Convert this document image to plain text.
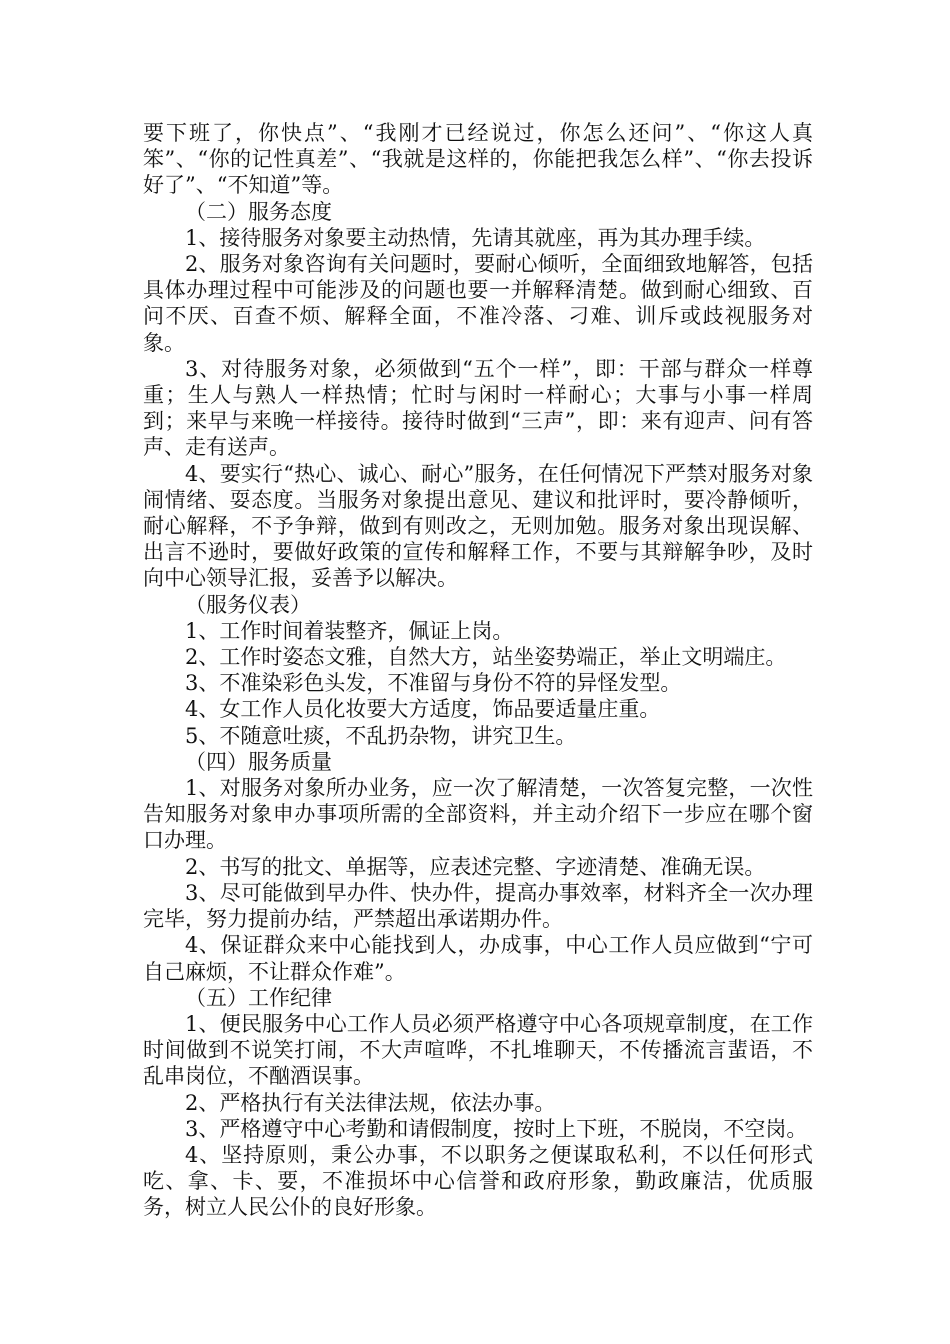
要下班了，你快点”、“我刚才已经说过，你怎么还问”、“你这人真笨”、“你的记性真差”、“我就是这样的，你能把我怎么样”、“你去投诉好了”、“不知道”等。

（二）服务态度

1、接待服务对象要主动热情，先请其就座，再为其办理手续。

2、服务对象咨询有关问题时，要耐心倾听，全面细致地解答，包括具体办理过程中可能涉及的问题也要一并解释清楚。做到耐心细致、百问不厌、百查不烦、解释全面，不准冷落、刁难、训斥或歧视服务对象。

3、对待服务对象，必须做到“五个一样”，即：干部与群众一样尊重；生人与熟人一样热情；忙时与闲时一样耐心；大事与小事一样周到；来早与来晚一样接待。接待时做到“三声”，即：来有迎声、问有答声、走有送声。

4、要实行“热心、诚心、耐心”服务，在任何情况下严禁对服务对象闹情绪、耍态度。当服务对象提出意见、建议和批评时，要冷静倾听，耐心解释，不予争辩，做到有则改之，无则加勉。服务对象出现误解、出言不逊时，要做好政策的宣传和解释工作，不要与其辩解争吵，及时向中心领导汇报，妥善予以解决。

（服务仪表）

1、工作时间着装整齐，佩证上岗。

2、工作时姿态文雅，自然大方，站坐姿势端正，举止文明端庄。

3、不准染彩色头发，不准留与身份不符的异怪发型。

4、女工作人员化妆要大方适度，饰品要适量庄重。

5、不随意吐痰，不乱扔杂物，讲究卫生。

（四）服务质量

1、对服务对象所办业务，应一次了解清楚，一次答复完整，一次性告知服务对象申办事项所需的全部资料，并主动介绍下一步应在哪个窗口办理。

2、书写的批文、单据等，应表述完整、字迹清楚、准确无误。

3、尽可能做到早办件、快办件，提高办事效率，材料齐全一次办理完毕，努力提前办结，严禁超出承诺期办件。

4、保证群众来中心能找到人，办成事，中心工作人员应做到“宁可自己麻烦，不让群众作难”。

（五）工作纪律

1、便民服务中心工作人员必须严格遵守中心各项规章制度，在工作时间做到不说笑打闹，不大声喧哗，不扎堆聊天，不传播流言蜚语，不乱串岗位，不酗酒误事。

2、严格执行有关法律法规，依法办事。

3、严格遵守中心考勤和请假制度，按时上下班，不脱岗，不空岗。

4、坚持原则，秉公办事，不以职务之便谋取私利，不以任何形式吃、拿、卡、要，不准损坏中心信誉和政府形象，勤政廉洁，优质服务，树立人民公仆的良好形象。
